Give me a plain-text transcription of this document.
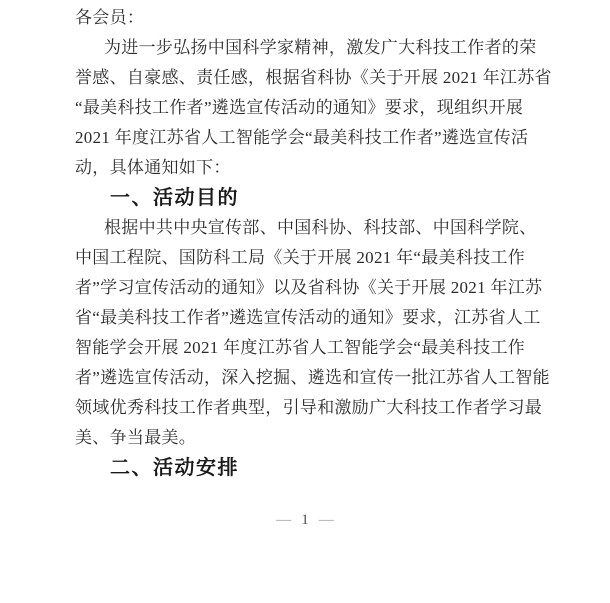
各会员：
为进一步弘扬中国科学家精神，激发广大科技工作者的荣
誉感、自豪感、责任感，根据省科协《关于开展 2021 年江苏省
“最美科技工作者”遴选宣传活动的通知》要求，现组织开展
2021 年度江苏省人工智能学会“最美科技工作者”遴选宣传活
动，具体通知如下：
一、活动目的
根据中共中央宣传部、中国科协、科技部、中国科学院、
中国工程院、国防科工局《关于开展 2021 年“最美科技工作
者”学习宣传活动的通知》以及省科协《关于开展 2021 年江苏
省“最美科技工作者”遴选宣传活动的通知》要求，江苏省人工
智能学会开展 2021 年度江苏省人工智能学会“最美科技工作
者”遴选宣传活动，深入挖掘、遴选和宣传一批江苏省人工智能
领域优秀科技工作者典型，引导和激励广大科技工作者学习最
美、争当最美。
二、活动安排
— 1 —
